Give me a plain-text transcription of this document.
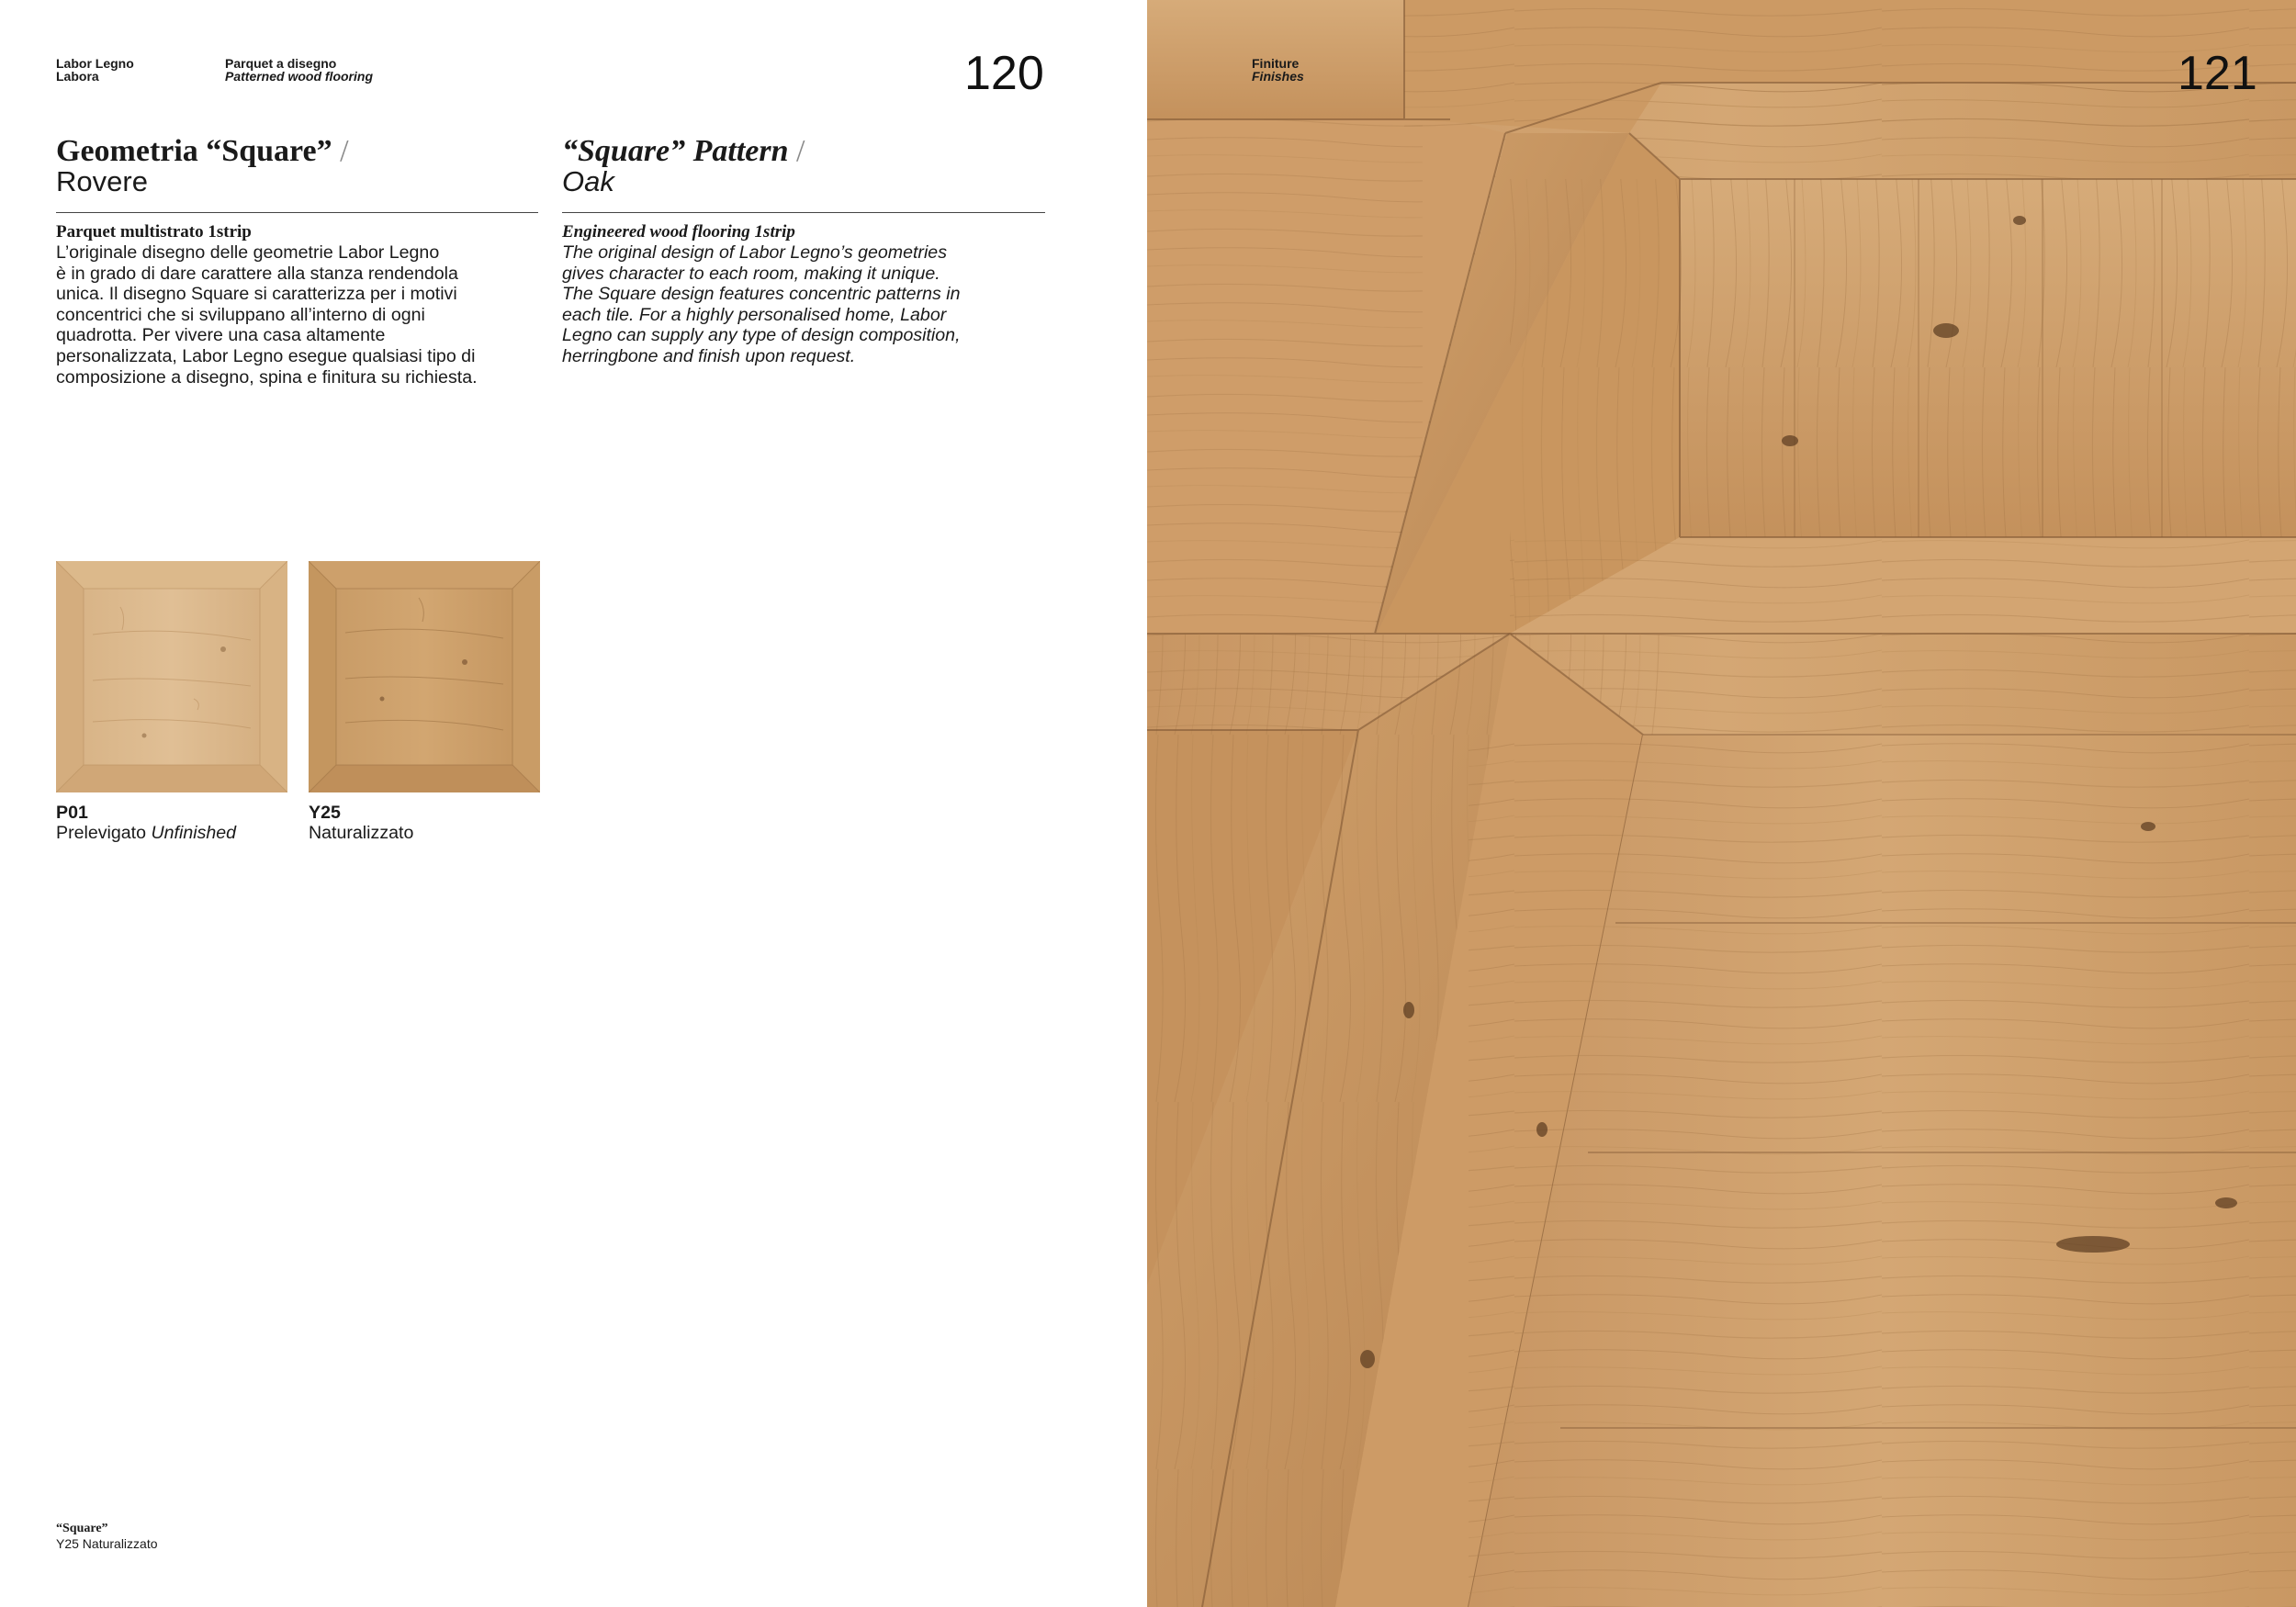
Labor Legno
Labora
Parquet a disegno
Patterned wood flooring	120
Geometria “Square” /
Rovere
Parquet multistrato 1strip
L’originale disegno delle geometrie Labor Legno
è in grado di dare carattere alla stanza rendendola
unica. Il disegno Square si caratterizza per i motivi
concentrici che si sviluppano all’interno di ogni
quadrotta. Per vivere una casa altamente
personalizzata, Labor Legno esegue qualsiasi tipo di
composizione a disegno, spina e finitura su richiesta.
“Square” Pattern /
Oak
Engineered wood flooring 1strip
The original design of Labor Legno’s geometries
gives character to each room, making it unique.
The Square design features concentric patterns in
each tile. For a highly personalised home, Labor
Legno can supply any type of design composition,
herringbone and finish upon request.
P01
Prelevigato Unfinished
Y25
Naturalizzato
“Square”
Y25 Naturalizzato
Finiture
Finishes	121
